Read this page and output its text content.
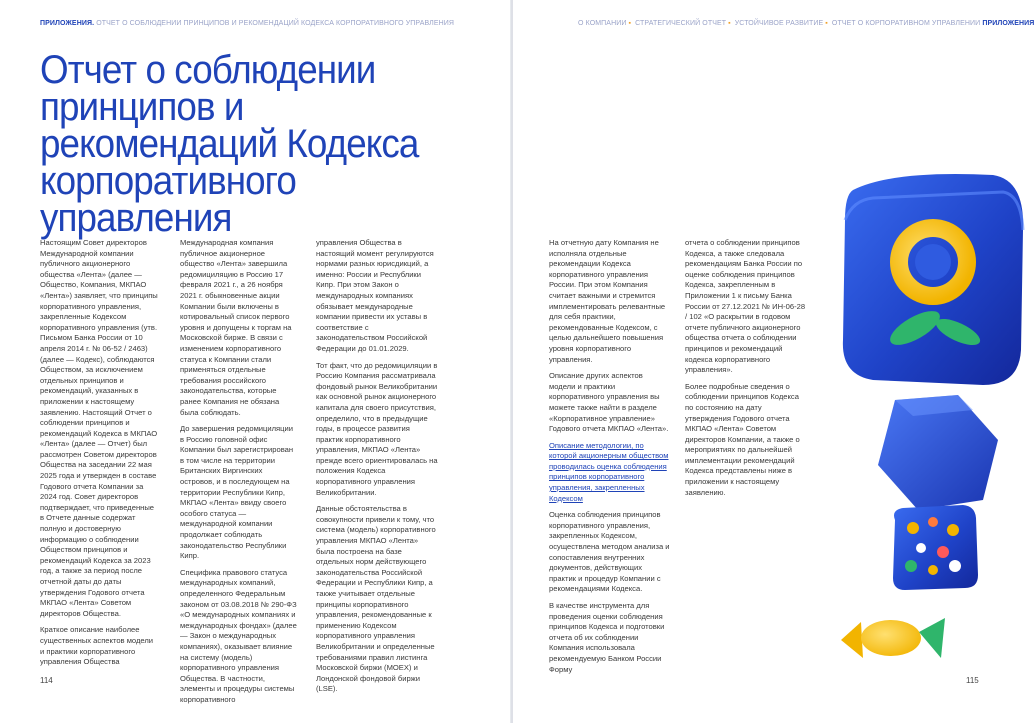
ПРИЛОЖЕНИЯ. ОТЧЕТ О СОБЛЮДЕНИИ ПРИНЦИПОВ И РЕКОМЕНДАЦИЙ КОДЕКСА КОРПОРАТИВНОГО УПРАВЛЕНИЯ
Отчет о соблюдении принципов и рекомендаций Кодекса корпоративного управления

Настоящим Совет директоров Международной компании публичного акционерного общества «Лента» (далее — Общество, Компания, МКПАО «Лента») заявляет, что принципы корпоративного управления, закрепленные Кодексом корпоративного управления (утв. Письмом Банка России от 10 апреля 2014 г. № 06‑52 / 2463) (далее — Кодекс), соблюдаются Обществом, за исключением отдельных принципов и рекомендаций, указанных в приложении к настоящему заявлению. Настоящий Отчет о соблюдении принципов и рекомендаций Кодекса в МКПАО «Лента» (далее — Отчет) был рассмотрен Советом директоров Общества на заседании 22 мая 2025 года и утвержден в составе Годового отчета Компании за 2024 год. Совет директоров подтверждает, что приведенные в Отчете данные содержат полную и достоверную информацию о соблюдении Обществом принципов и рекомендаций Кодекса за 2023 год, а также за период после отчетной даты до даты утверждения Годового отчета МКПАО «Лента» Советом директоров Общества.

Краткое описание наиболее существенных аспектов модели и практики корпоративного управления Общества

Международная компания публичное акционерное общество «Лента» завершила редомициляцию в Россию 17 февраля 2021 г., а 26 ноября 2021 г. обыкновенные акции Компании были включены в котировальный список первого уровня и допущены к торгам на Московской бирже. В связи с изменением корпоративного статуса к Компании стали применяться отдельные требования российского законодательства, которые ранее Компания не обязана была соблюдать.

До завершения редомициляции в Россию головной офис Компании был зарегистрирован в том числе на территории Британских Виргинских островов, и в последующем на территории Республики Кипр, МКПАО «Лента» ввиду своего особого статуса — международной компании продолжает соблюдать законодательство Республики Кипр.

Специфика правового статуса международных компаний, определенного Федеральным законом от 03.08.2018 № 290‑ФЗ «О международных компаниях и международных фондах» (далее — Закон о международных компаниях), оказывает влияние на систему (модель) корпоративного управления Общества. В частности, элементы и процедуры системы корпоративного

управления Общества в настоящий момент регулируются нормами разных юрисдикций, а именно: России и Республики Кипр. При этом Закон о международных компаниях обязывает международные компании привести их уставы в соответствие с законодательством Российской Федерации до 01.01.2029.

Тот факт, что до редомициляции в Россию Компания рассматривала фондовый рынок Великобритании как основной рынок акционерного капитала для своего присутствия, определило, что в предыдущие годы, в процессе развития практик корпоративного управления, МКПАО «Лента» прежде всего ориентировалась на положения Кодекса корпоративного управления Великобритании.

Данные обстоятельства в совокупности привели к тому, что система (модель) корпоративного управления МКПАО «Лента» была построена на базе отдельных норм действующего законодательства Российской Федерации и Республики Кипр, а также учитывает отдельные принципы корпоративного управления, рекомендованные к применению Кодексом корпоративного управления Великобритании и определенные требованиями правил листинга Московской биржи (MOEX) и Лондонской фондовой биржи (LSE).

114
О КОМПАНИИ ▪ СТРАТЕГИЧЕСКИЙ ОТЧЕТ ▪ УСТОЙЧИВОЕ РАЗВИТИЕ ▪ ОТЧЕТ О КОРПОРАТИВНОМ УПРАВЛЕНИИ ПРИЛОЖЕНИЯ

На отчетную дату Компания не исполняла отдельные рекомендации Кодекса корпоративного управления России. При этом Компания считает важными и стремится имплементировать релевантные для себя практики, рекомендованные Кодексом, с целью дальнейшего повышения уровня корпоративного управления.

Описание других аспектов модели и практики корпоративного управления вы можете также найти в разделе «Корпоративное управление» Годового отчета МКПАО «Лента».

Описание методологии, по которой акционерным обществом проводилась оценка соблюдения принципов корпоративного управления, закрепленных Кодексом

Оценка соблюдения принципов корпоративного управления, закрепленных Кодексом, осуществлена методом анализа и сопоставления внутренних документов, действующих практик и процедур Компании с рекомендациями Кодекса.

В качестве инструмента для проведения оценки соблюдения принципов Кодекса и подготовки отчета об их соблюдении Компания использовала рекомендуемую Банком России Форму

отчета о соблюдении принципов Кодекса, а также следовала рекомендациям Банка России по оценке соблюдения принципов Кодекса, закрепленным в Приложении 1 к письму Банка России от 27.12.2021 № ИН‑06‑28 / 102 «О раскрытии в годовом отчете публичного акционерного общества отчета о соблюдении принципов и рекомендаций кодекса корпоративного управления».

Более подробные сведения о соблюдении принципов Кодекса по состоянию на дату утверждения Годового отчета МКПАО «Лента» Советом директоров Компании, а также о мероприятиях по дальнейшей имплементации рекомендаций Кодекса представлены ниже в приложении к настоящему заявлению.

115
